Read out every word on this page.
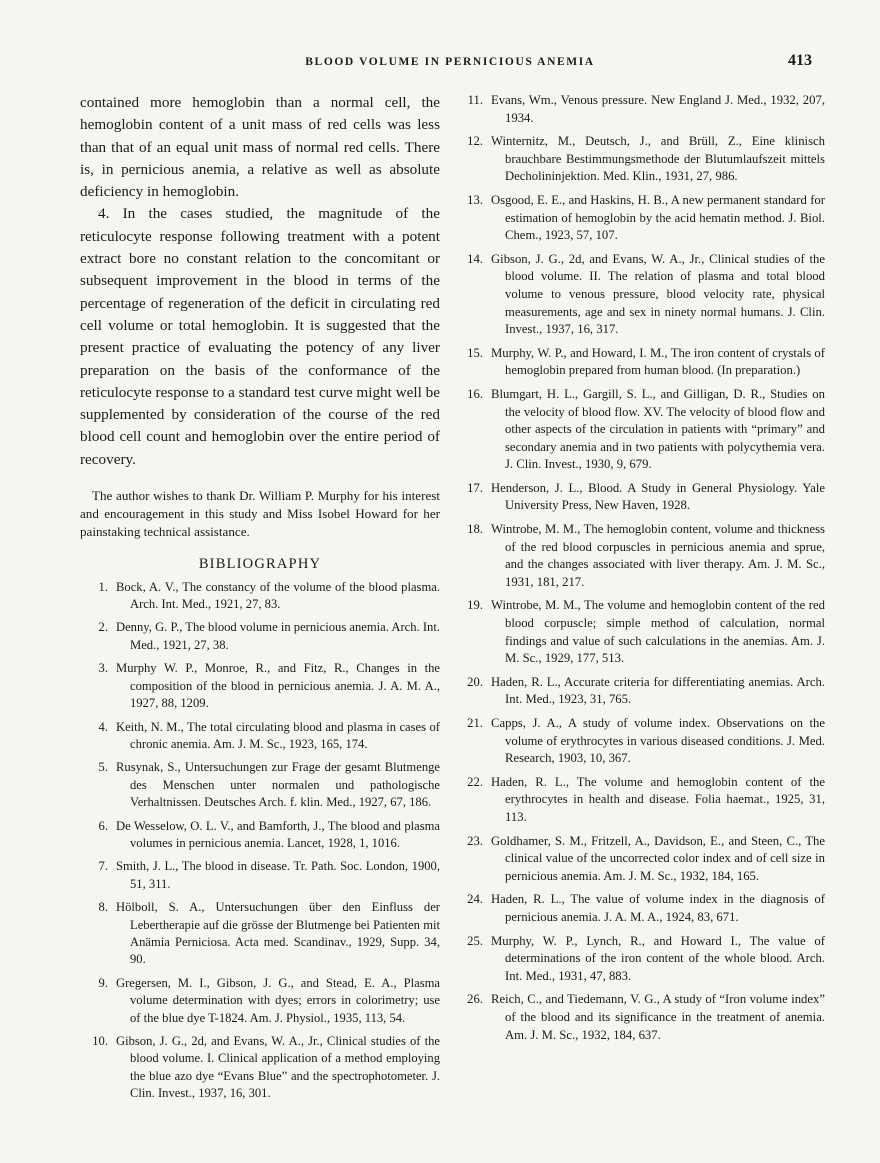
BLOOD VOLUME IN PERNICIOUS ANEMIA	413

contained more hemoglobin than a normal cell, the hemoglobin content of a unit mass of red cells was less than that of an equal unit mass of normal red cells. There is, in pernicious anemia, a relative as well as absolute deficiency in hemoglobin.

4. In the cases studied, the magnitude of the reticulocyte response following treatment with a potent extract bore no constant relation to the concomitant or subsequent improvement in the blood in terms of the percentage of regeneration of the deficit in circulating red cell volume or total hemoglobin. It is suggested that the present practice of evaluating the potency of any liver preparation on the basis of the conformance of the reticulocyte response to a standard test curve might well be supplemented by consideration of the course of the red blood cell count and hemoglobin over the entire period of recovery.

The author wishes to thank Dr. William P. Murphy for his interest and encouragement in this study and Miss Isobel Howard for her painstaking technical assistance.

BIBLIOGRAPHY
1 . Bock, A. V., The constancy of the volume of the blood plasma. Arch. Int. Med., 1921, 27, 83.
2 . Denny, G. P., The blood volume in pernicious anemia. Arch. Int. Med., 1921, 27, 38.
3 . Murphy W. P., Monroe, R., and Fitz, R., Changes in the composition of the blood in pernicious anemia. J. A. M. A., 1927, 88, 1209.
4 . Keith, N. M., The total circulating blood and plasma in cases of chronic anemia. Am. J. M. Sc., 1923, 165, 174.
5 . Rusynak, S., Untersuchungen zur Frage der gesamt Blutmenge des Menschen unter normalen und pathologische Verhaltnissen. Deutsches Arch. f. klin. Med., 1927, 67, 186.
6 . De Wesselow, O. L. V., and Bamforth, J., The blood and plasma volumes in pernicious anemia. Lancet, 1928, 1, 1016.
7 . Smith, J. L., The blood in disease. Tr. Path. Soc. London, 1900, 51, 311.
8 . Hölboll, S. A., Untersuchungen über den Einfluss der Lebertherapie auf die grösse der Blutmenge bei Patienten mit Anämia Perniciosa. Acta med. Scandinav., 1929, Supp. 34, 90.
9 . Gregersen, M. I., Gibson, J. G., and Stead, E. A., Plasma volume determination with dyes; errors in colorimetry; use of the blue dye T-1824. Am. J. Physiol., 1935, 113, 54.
10 . Gibson, J. G., 2d, and Evans, W. A., Jr., Clinical studies of the blood volume. I. Clinical application of a method employing the blue azo dye “Evans Blue” and the spectrophotometer. J. Clin. Invest., 1937, 16, 301.
11 . Evans, Wm., Venous pressure. New England J. Med., 1932, 207, 1934.
12 . Winternitz, M., Deutsch, J., and Brüll, Z., Eine klinisch brauchbare Bestimmungsmethode der Blutumlaufszeit mittels Decholininjektion. Med. Klin., 1931, 27, 986.
13 . Osgood, E. E., and Haskins, H. B., A new permanent standard for estimation of hemoglobin by the acid hematin method. J. Biol. Chem., 1923, 57, 107.
14 . Gibson, J. G., 2d, and Evans, W. A., Jr., Clinical studies of the blood volume. II. The relation of plasma and total blood volume to venous pressure, blood velocity rate, physical measurements, age and sex in ninety normal humans. J. Clin. Invest., 1937, 16, 317.
15 . Murphy, W. P., and Howard, I. M., The iron content of crystals of hemoglobin prepared from human blood. (In preparation.)
16 . Blumgart, H. L., Gargill, S. L., and Gilligan, D. R., Studies on the velocity of blood flow. XV. The velocity of blood flow and other aspects of the circulation in patients with “primary” and secondary anemia and in two patients with polycythemia vera. J. Clin. Invest., 1930, 9, 679.
17 . Henderson, J. L., Blood. A Study in General Physiology. Yale University Press, New Haven, 1928.
18 . Wintrobe, M. M., The hemoglobin content, volume and thickness of the red blood corpuscles in pernicious anemia and sprue, and the changes associated with liver therapy. Am. J. M. Sc., 1931, 181, 217.
19 . Wintrobe, M. M., The volume and hemoglobin content of the red blood corpuscle; simple method of calculation, normal findings and value of such calculations in the anemias. Am. J. M. Sc., 1929, 177, 513.
20 . Haden, R. L., Accurate criteria for differentiating anemias. Arch. Int. Med., 1923, 31, 765.
21 . Capps, J. A., A study of volume index. Observations on the volume of erythrocytes in various diseased conditions. J. Med. Research, 1903, 10, 367.
22 . Haden, R. L., The volume and hemoglobin content of the erythrocytes in health and disease. Folia haemat., 1925, 31, 113.
23 . Goldhamer, S. M., Fritzell, A., Davidson, E., and Steen, C., The clinical value of the uncorrected color index and of cell size in pernicious anemia. Am. J. M. Sc., 1932, 184, 165.
24 . Haden, R. L., The value of volume index in the diagnosis of pernicious anemia. J. A. M. A., 1924, 83, 671.
25 . Murphy, W. P., Lynch, R., and Howard I., The value of determinations of the iron content of the whole blood. Arch. Int. Med., 1931, 47, 883.
26 . Reich, C., and Tiedemann, V. G., A study of “Iron volume index” of the blood and its significance in the treatment of anemia. Am. J. M. Sc., 1932, 184, 637.
